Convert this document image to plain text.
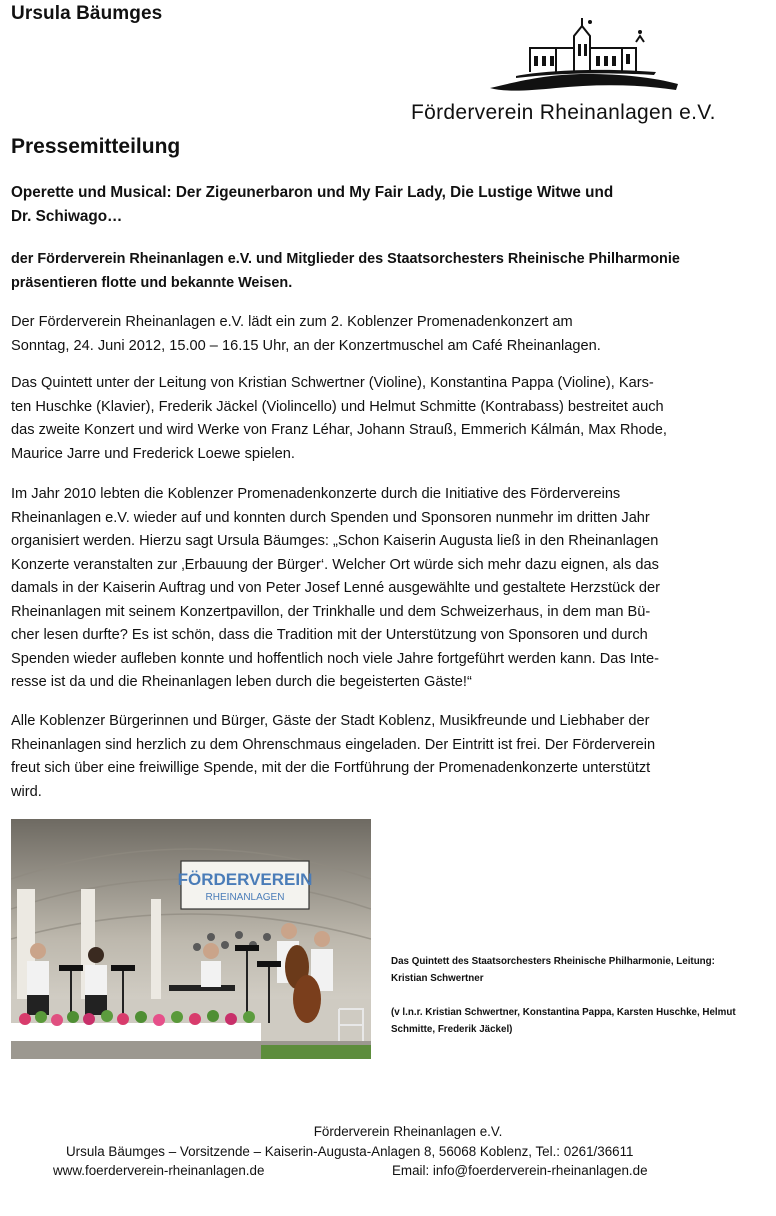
Ursula Bäumges
Förderverein Rheinanlagen e.V.
Pressemitteilung
Operette und Musical: Der Zigeunerbaron und My Fair Lady, Die Lustige Witwe und
Dr. Schiwago…
der Förderverein Rheinanlagen e.V. und Mitglieder des Staatsorchesters Rheinische Philharmonie
präsentieren flotte und bekannte Weisen.
Der Förderverein Rheinanlagen e.V. lädt ein zum 2. Koblenzer Promenadenkonzert am
Sonntag, 24. Juni 2012, 15.00 – 16.15 Uhr, an der Konzertmuschel am Café Rheinanlagen.
Das Quintett unter der Leitung von Kristian Schwertner (Violine), Konstantina Pappa (Violine), Kars-
ten Huschke (Klavier), Frederik Jäckel (Violincello) und Helmut Schmitte (Kontrabass) bestreitet auch
das zweite Konzert und wird Werke von Franz Léhar, Johann Strauß, Emmerich Kálmán, Max Rhode,
Maurice Jarre und Frederick Loewe spielen.
Im Jahr 2010 lebten die Koblenzer Promenadenkonzerte durch die Initiative des Fördervereins
Rheinanlagen e.V. wieder auf und konnten durch Spenden und Sponsoren nunmehr im dritten Jahr
organisiert werden. Hierzu sagt Ursula Bäumges: „Schon Kaiserin Augusta ließ in den Rheinanlagen
Konzerte veranstalten zur ‚Erbauung der Bürger‘. Welcher Ort würde sich mehr dazu eignen, als das
damals in der Kaiserin Auftrag und von Peter Josef Lenné ausgewählte und gestaltete Herzstück der
Rheinanlagen mit seinem Konzertpavillon, der Trinkhalle und dem Schweizerhaus, in dem man Bü-
cher lesen durfte? Es ist schön, dass die Tradition mit der Unterstützung von Sponsoren und durch
Spenden wieder aufleben konnte und hoffentlich noch viele Jahre fortgeführt werden kann. Das Inte-
resse ist da und die Rheinanlagen leben durch die begeisterten Gäste!“
Alle Koblenzer Bürgerinnen und Bürger, Gäste der Stadt Koblenz, Musikfreunde und Liebhaber der
Rheinanlagen sind herzlich zu dem Ohrenschmaus eingeladen. Der Eintritt ist frei. Der Förderverein
freut sich über eine freiwillige Spende, mit der die Fortführung der Promenadenkonzerte unterstützt
wird.
FÖRDERVEREIN
RHEINANLAGEN
Das Quintett des Staatsorchesters Rheinische Philharmonie, Leitung:
Kristian Schwertner
(v l.n.r. Kristian Schwertner, Konstantina Pappa, Karsten Huschke, Helmut
Schmitte, Frederik Jäckel)
Förderverein Rheinanlagen e.V.
Ursula Bäumges – Vorsitzende – Kaiserin-Augusta-Anlagen 8, 56068 Koblenz, Tel.: 0261/36611
www.foerderverein-rheinanlagen.de	Email: info@foerderverein-rheinanlagen.de
